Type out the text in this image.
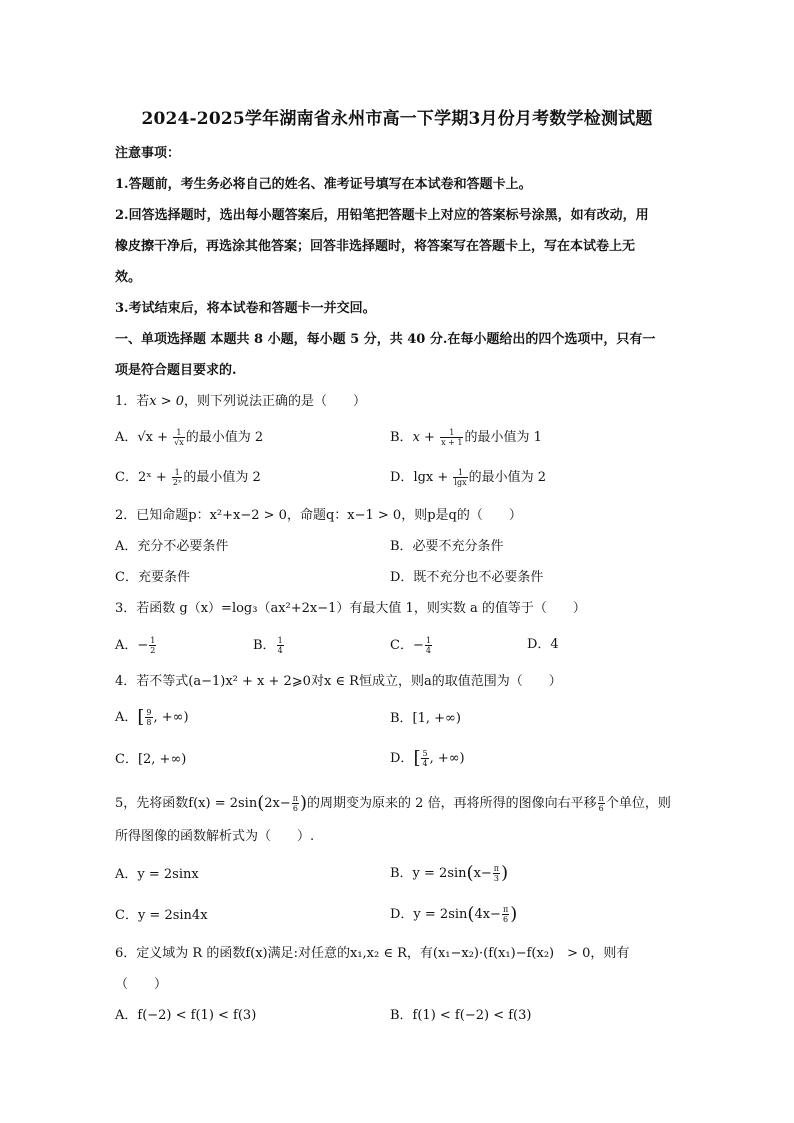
2024-2025学年湖南省永州市高一下学期3月份月考数学检测试题
注意事项：
1.答题前，考生务必将自己的姓名、准考证号填写在本试卷和答题卡上。
2.回答选择题时，选出每小题答案后，用铅笔把答题卡上对应的答案标号涂黑，如有改动，用
橡皮擦干净后，再选涂其他答案；回答非选择题时，将答案写在答题卡上，写在本试卷上无
效。
3.考试结束后，将本试卷和答题卡一并交回。
一、单项选择题 本题共 8 小题，每小题 5 分，共 40 分.在每小题给出的四个选项中，只有一
项是符合题目要求的.
1．若x > 0，则下列说法正确的是（　　）
A．$√x + \frac{1}{√x}$ 的最小值为 2	B．$x + \frac{1}{x + 1}$ 的最小值为 1
C．2ˣ + $\frac{1}{\text{2ˣ}}$ 的最小值为 2	D．$\lg x + \frac{1}{\lg x}$ 的最小值为 2
2．已知命题p：x²+x−2 > 0，命题q：x−1 > 0，则p是q的（　　）
A．充分不必要条件	B．必要不充分条件
C．充要条件	D．既不充分也不必要条件
3．若函数 g（x）=log₃（ax²+2x−1）有最大值 1，则实数 a 的值等于（　　）
A．− $\frac{1}{2}$	B． $\frac{1}{4}$	C．− $\frac{1}{4}$	D．4
4．若不等式(a−1)x² + x + 2⩾0对x ∈ R恒成立，则a的取值范围为（　　）
A．[ $\frac{9}{8}$ , +∞)	B．[1, +∞)
C．[2, +∞)	D．[ $\frac{5}{4}$ , +∞)
5，先将函数$f(x) = 2\sin(2x- \frac{\pi}{6}$ )的周期变为原来的 2 倍，再将所得的图像向右平移 $\frac{\pi}{6}$ 个单位，则
所得图像的函数解析式为（　　）.
A．y = 2sinx	B．$y = 2\sin(x- \frac{\pi}{3}$ )
C．y = 2sin4x	D．$y = 2\sin(4x- \frac{\pi}{6}$ )
6．定义域为 R 的函数f(x)满足:对任意的x₁,x₂ ∈ R，有(x₁−x₂)·(f(x₁)−f(x₂)　> 0，则有
（　　）
A．f(−2) < f(1) < f(3)	B．f(1) < f(−2) < f(3)
